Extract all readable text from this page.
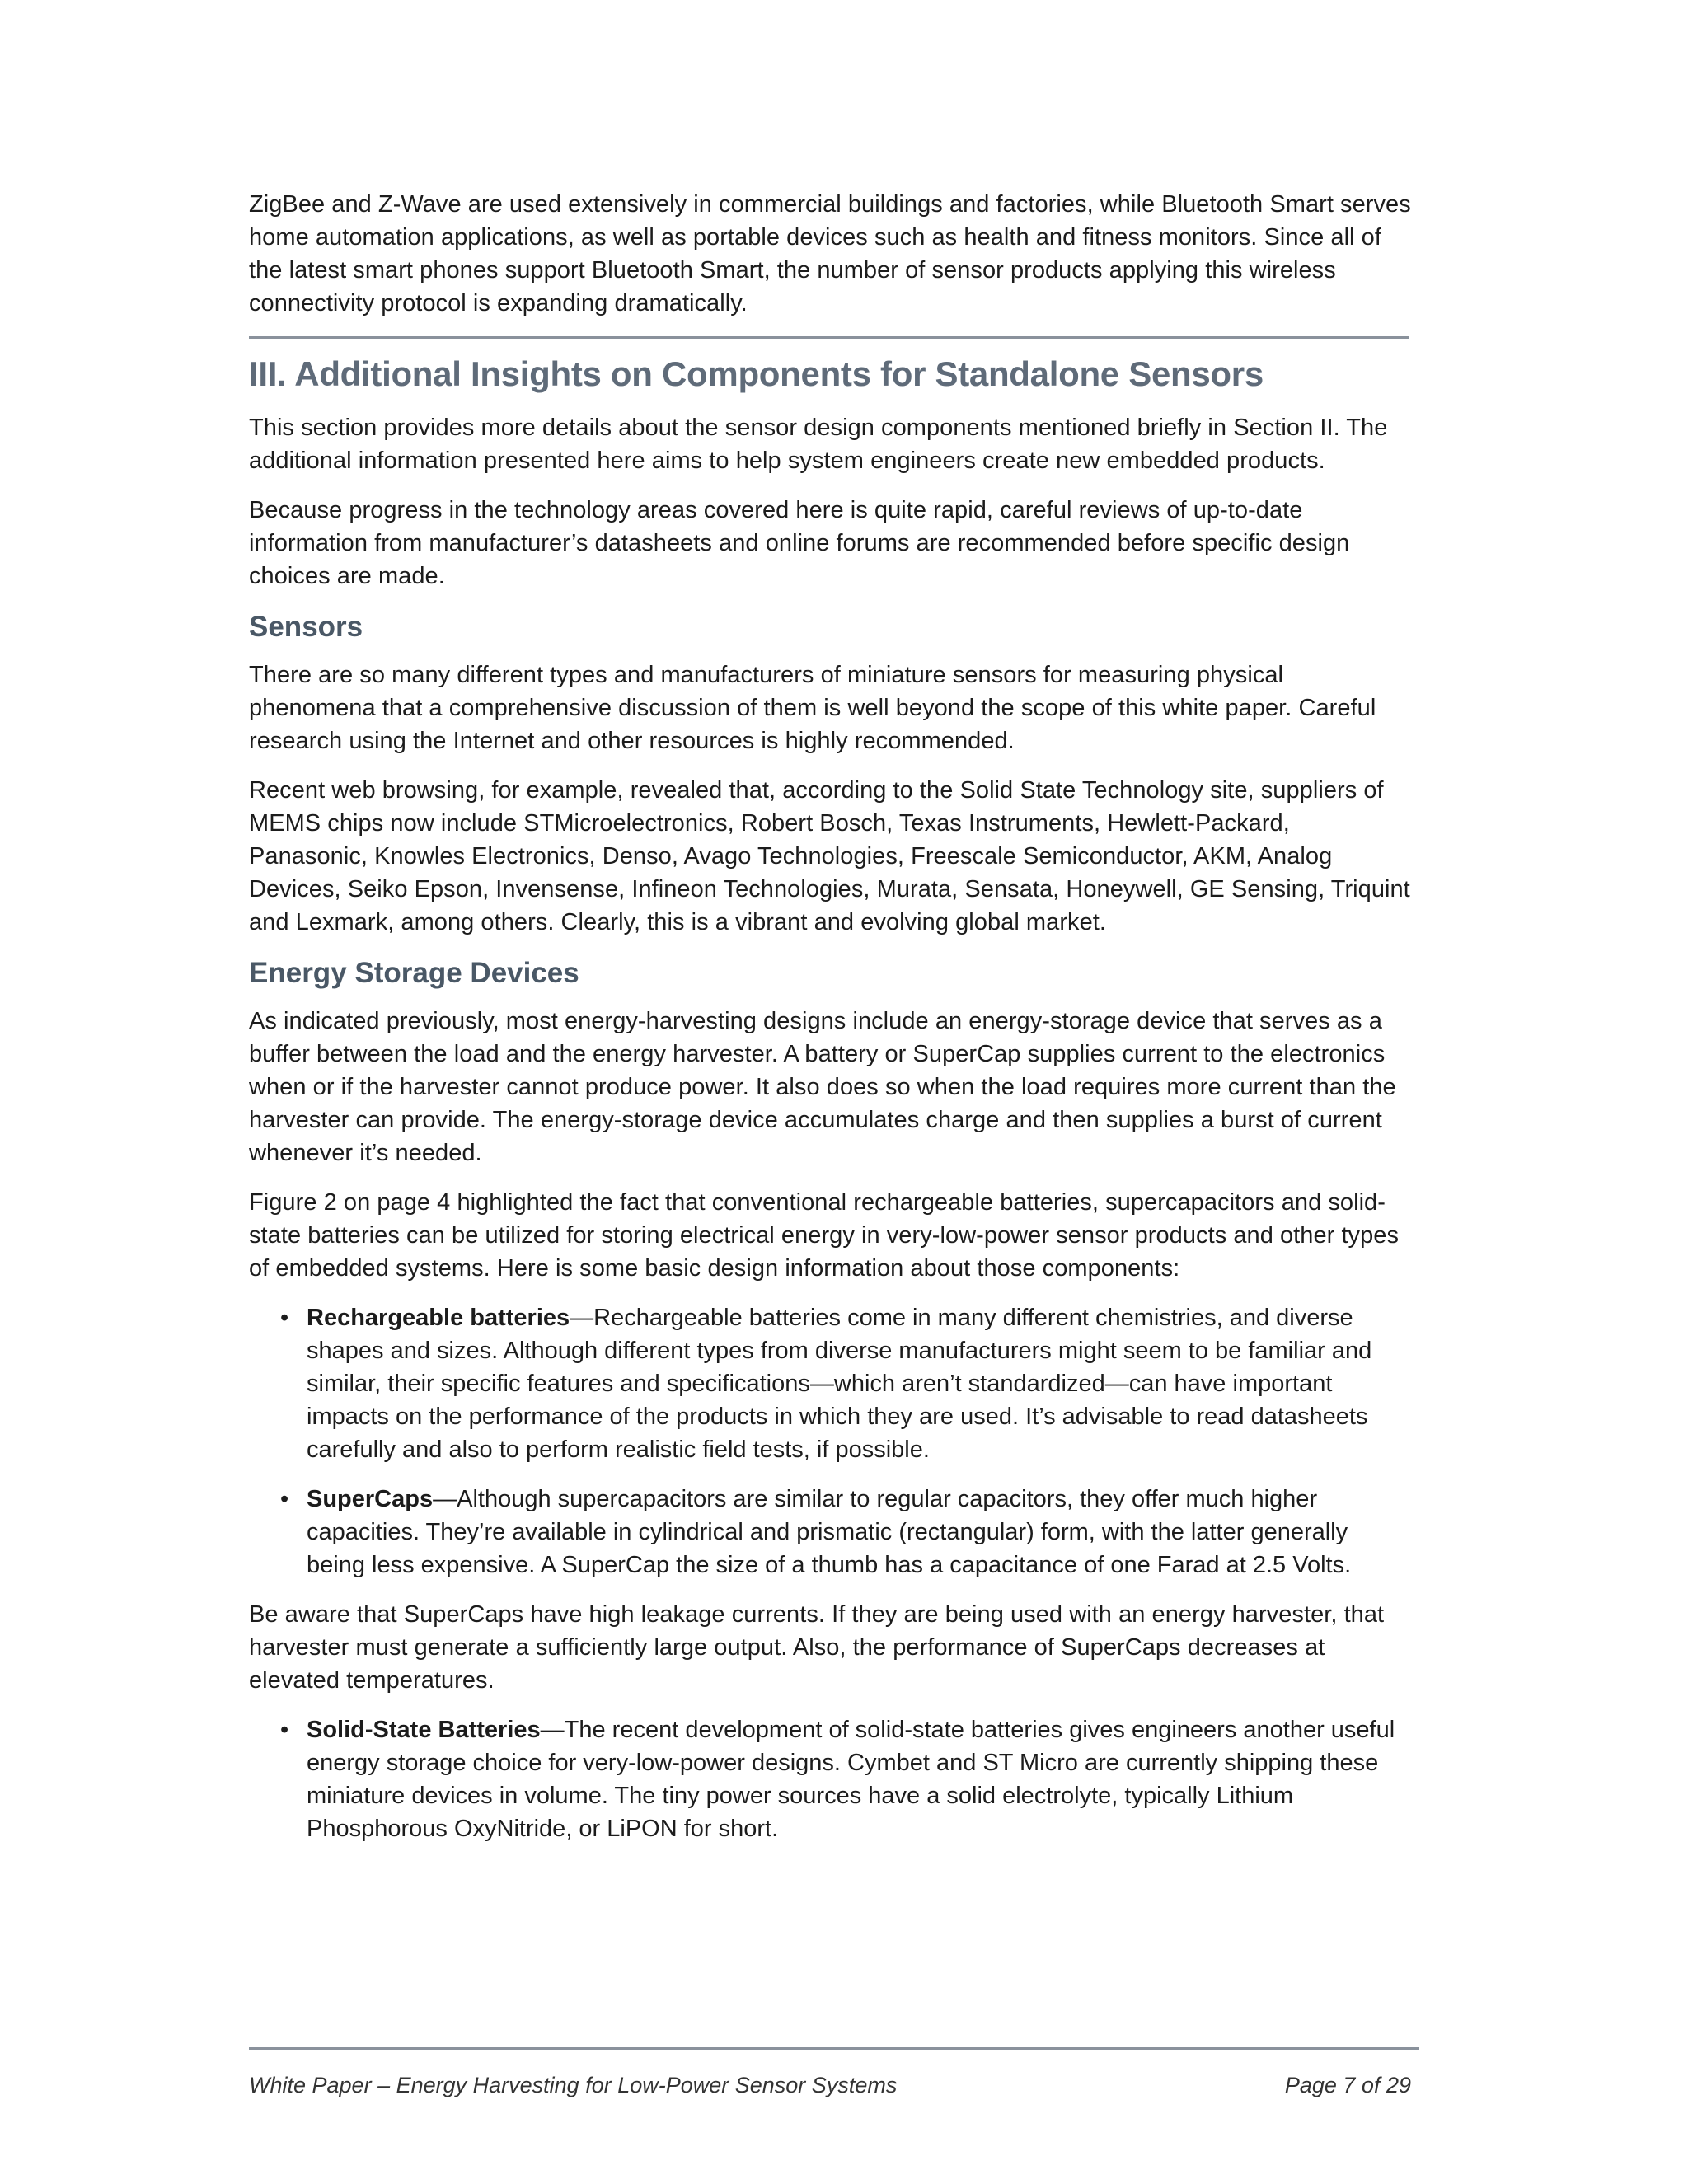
ZigBee and Z-Wave are used extensively in commercial buildings and factories, while Bluetooth Smart serves home automation applications, as well as portable devices such as health and fitness monitors. Since all of the latest smart phones support Bluetooth Smart, the number of sensor products applying this wireless connectivity protocol is expanding dramatically.

III. Additional Insights on Components for Standalone Sensors

This section provides more details about the sensor design components mentioned briefly in Section II. The additional information presented here aims to help system engineers create new embedded products.

Because progress in the technology areas covered here is quite rapid, careful reviews of up-to-date information from manufacturer’s datasheets and online forums are recommended before specific design choices are made.

Sensors

There are so many different types and manufacturers of miniature sensors for measuring physical phenomena that a comprehensive discussion of them is well beyond the scope of this white paper. Careful research using the Internet and other resources is highly recommended.

Recent web browsing, for example, revealed that, according to the Solid State Technology site, suppliers of MEMS chips now include STMicroelectronics, Robert Bosch, Texas Instruments, Hewlett-Packard, Panasonic, Knowles Electronics, Denso, Avago Technologies, Freescale Semiconductor, AKM, Analog Devices, Seiko Epson, Invensense, Infineon Technologies, Murata, Sensata, Honeywell, GE Sensing, Triquint and Lexmark, among others. Clearly, this is a vibrant and evolving global market.

Energy Storage Devices

As indicated previously, most energy-harvesting designs include an energy-storage device that serves as a buffer between the load and the energy harvester. A battery or SuperCap supplies current to the electronics when or if the harvester cannot produce power. It also does so when the load requires more current than the harvester can provide. The energy-storage device accumulates charge and then supplies a burst of current whenever it’s needed.

Figure 2 on page 4 highlighted the fact that conventional rechargeable batteries, supercapacitors and solid-state batteries can be utilized for storing electrical energy in very-low-power sensor products and other types of embedded systems. Here is some basic design information about those components:

• Rechargeable batteries—Rechargeable batteries come in many different chemistries, and diverse shapes and sizes. Although different types from diverse manufacturers might seem to be familiar and similar, their specific features and specifications—which aren’t standardized—can have important impacts on the performance of the products in which they are used. It’s advisable to read datasheets carefully and also to perform realistic field tests, if possible.
• SuperCaps—Although supercapacitors are similar to regular capacitors, they offer much higher capacities. They’re available in cylindrical and prismatic (rectangular) form, with the latter generally being less expensive. A SuperCap the size of a thumb has a capacitance of one Farad at 2.5 Volts.

Be aware that SuperCaps have high leakage currents. If they are being used with an energy harvester, that harvester must generate a sufficiently large output. Also, the performance of SuperCaps decreases at elevated temperatures.

• Solid-State Batteries—The recent development of solid-state batteries gives engineers another useful energy storage choice for very-low-power designs. Cymbet and ST Micro are currently shipping these miniature devices in volume. The tiny power sources have a solid electrolyte, typically Lithium Phosphorous OxyNitride, or LiPON for short.
White Paper – Energy Harvesting for Low-Power Sensor Systems	Page 7 of 29
